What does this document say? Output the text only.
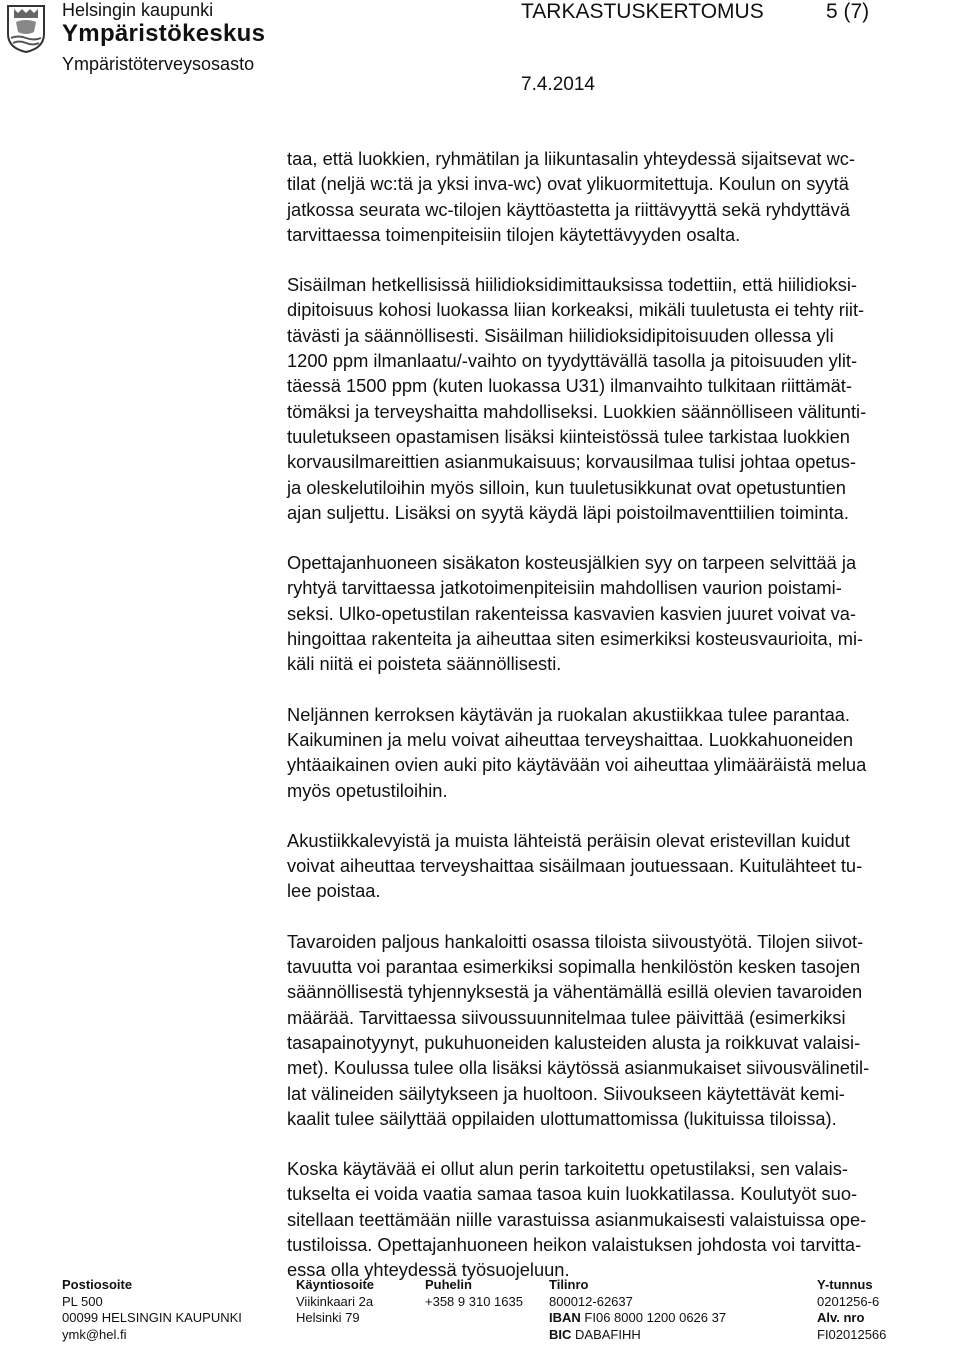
Helsingin kaupunki
Ympäristökeskus
Ympäristöterveysosasto
TARKASTUSKERTOMUS	5 (7)
7.4.2014

taa, että luokkien, ryhmätilan ja liikuntasalin yhteydessä sijaitsevat wc-
tilat (neljä wc:tä ja yksi inva-wc) ovat ylikuormitettuja. Koulun on syytä
jatkossa seurata wc-tilojen käyttöastetta ja riittävyyttä sekä ryhdyttävä
tarvittaessa toimenpiteisiin tilojen käytettävyyden osalta.

Sisäilman hetkellisissä hiilidioksidimittauksissa todettiin, että hiilidioksi-
dipitoisuus kohosi luokassa liian korkeaksi, mikäli tuuletusta ei tehty riit-
tävästi ja säännöllisesti. Sisäilman hiilidioksidipitoisuuden ollessa yli
1200 ppm ilmanlaatu/-vaihto on tyydyttävällä tasolla ja pitoisuuden ylit-
täessä 1500 ppm (kuten luokassa U31) ilmanvaihto tulkitaan riittämät-
tömäksi ja terveyshaitta mahdolliseksi. Luokkien säännölliseen välitunti-
tuuletukseen opastamisen lisäksi kiinteistössä tulee tarkistaa luokkien
korvausilmareittien asianmukaisuus; korvausilmaa tulisi johtaa opetus-
ja oleskelutiloihin myös silloin, kun tuuletusikkunat ovat opetustuntien
ajan suljettu. Lisäksi on syytä käydä läpi poistoilmaventtiilien toiminta.

Opettajanhuoneen sisäkaton kosteusjälkien syy on tarpeen selvittää ja
ryhtyä tarvittaessa jatkotoimenpiteisiin mahdollisen vaurion poistami-
seksi. Ulko-opetustilan rakenteissa kasvavien kasvien juuret voivat va-
hingoittaa rakenteita ja aiheuttaa siten esimerkiksi kosteusvaurioita, mi-
käli niitä ei poisteta säännöllisesti.

Neljännen kerroksen käytävän ja ruokalan akustiikkaa tulee parantaa.
Kaikuminen ja melu voivat aiheuttaa terveyshaittaa. Luokkahuoneiden
yhtäaikainen ovien auki pito käytävään voi aiheuttaa ylimääräistä melua
myös opetustiloihin.

Akustiikkalevyistä ja muista lähteistä peräisin olevat eristevillan kuidut
voivat aiheuttaa terveyshaittaa sisäilmaan joutuessaan. Kuitulähteet tu-
lee poistaa.

Tavaroiden paljous hankaloitti osassa tiloista siivoustyötä. Tilojen siivot-
tavuutta voi parantaa esimerkiksi sopimalla henkilöstön kesken tasojen
säännöllisestä tyhjennyksestä ja vähentämällä esillä olevien tavaroiden
määrää. Tarvittaessa siivoussuunnitelmaa tulee päivittää (esimerkiksi
tasapainotyynyt, pukuhuoneiden kalusteiden alusta ja roikkuvat valaisi-
met). Koulussa tulee olla lisäksi käytössä asianmukaiset siivousvälinetil-
lat välineiden säilytykseen ja huoltoon. Siivoukseen käytettävät kemi-
kaalit tulee säilyttää oppilaiden ulottumattomissa (lukituissa tiloissa).

Koska käytävää ei ollut alun perin tarkoitettu opetustilaksi, sen valais-
tukselta ei voida vaatia samaa tasoa kuin luokkatilassa. Koulutyöt suo-
sitellaan teettämään niille varastuissa asianmukaisesti valaistuissa ope-
tustiloissa. Opettajanhuoneen heikon valaistuksen johdosta voi tarvitta-
essa olla yhteydessä työsuojeluun.

Postiosoite
PL 500
00099 HELSINGIN KAUPUNKI
ymk@hel.fi
Käyntiosoite
Viikinkaari 2a
Helsinki 79
Puhelin
+358 9 310 1635
Tilinro
800012-62637
IBAN FI06 8000 1200 0626 37
BIC DABAFIHH
Y-tunnus
0201256-6
Alv. nro
FI02012566
